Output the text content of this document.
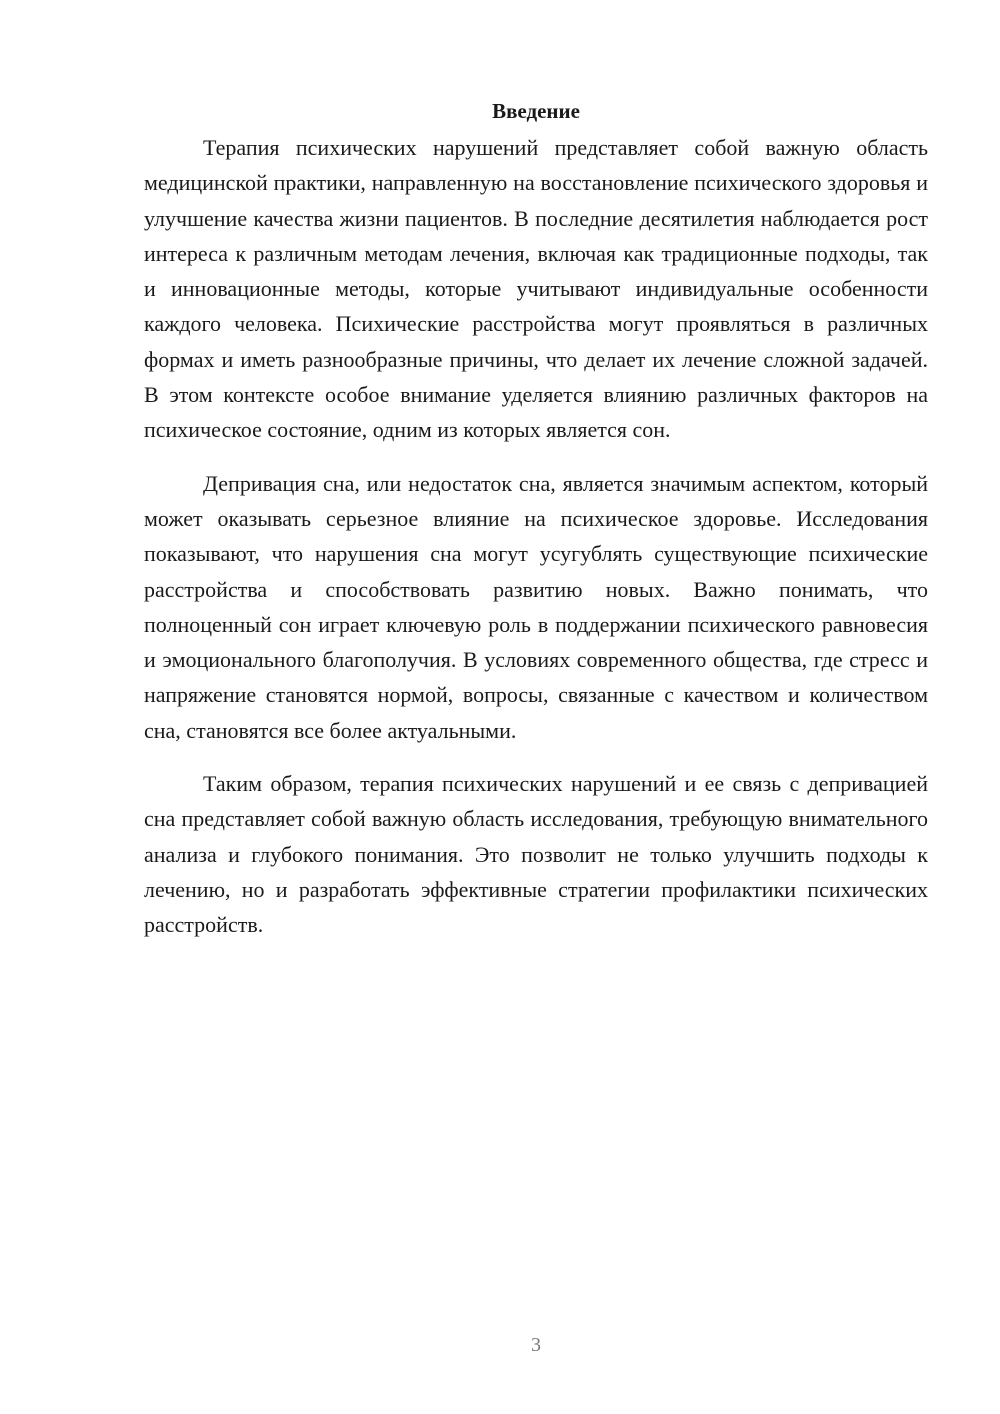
Введение

Терапия психических нарушений представляет собой важную область медицинской практики, направленную на восстановление психического здоровья и улучшение качества жизни пациентов. В последние десятилетия наблюдается рост интереса к различным методам лечения, включая как традиционные подходы, так и инновационные методы, которые учитывают индивидуальные особенности каждого человека. Психические расстройства могут проявляться в различных формах и иметь разнообразные причины, что делает их лечение сложной задачей. В этом контексте особое внимание уделяется влиянию различных факторов на психическое состояние, одним из которых является сон.

Депривация сна, или недостаток сна, является значимым аспектом, который может оказывать серьезное влияние на психическое здоровье. Исследования показывают, что нарушения сна могут усугублять существующие психические расстройства и способствовать развитию новых. Важно понимать, что полноценный сон играет ключевую роль в поддержании психического равновесия и эмоционального благополучия. В условиях современного общества, где стресс и напряжение становятся нормой, вопросы, связанные с качеством и количеством сна, становятся все более актуальными.

Таким образом, терапия психических нарушений и ее связь с депривацией сна представляет собой важную область исследования, требующую внимательного анализа и глубокого понимания. Это позволит не только улучшить подходы к лечению, но и разработать эффективные стратегии профилактики психических расстройств.

3
